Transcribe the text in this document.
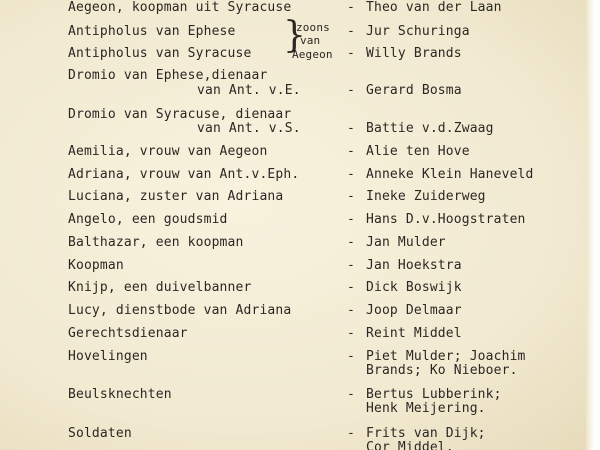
Aegeon, koopman uit Syracuse	- Theo van der Laan
Antipholus van Ephese	- Jur Schuringa
}
zoons
van
Aegeon
Antipholus van Syracuse	- Willy Brands
Dromio van Ephese,dienaar
van Ant. v.E.	- Gerard Bosma
Dromio van Syracuse, dienaar
van Ant. v.S.	- Battie v.d.Zwaag
Aemilia, vrouw van Aegeon	- Alie ten Hove
Adriana, vrouw van Ant.v.Eph.	- Anneke Klein Haneveld
Luciana, zuster van Adriana	- Ineke Zuiderweg
Angelo, een goudsmid	- Hans D.v.Hoogstraten
Balthazar, een koopman	- Jan Mulder
Koopman	- Jan Hoekstra
Knijp, een duivelbanner	- Dick Boswijk
Lucy, dienstbode van Adriana	- Joop Delmaar
Gerechtsdienaar	- Reint Middel
Hovelingen	- Piet Mulder; Joachim
Brands; Ko Nieboer.
Beulsknechten	- Bertus Lubberink;
Henk Meijering.
Soldaten	- Frits van Dijk;
Cor Middel.
